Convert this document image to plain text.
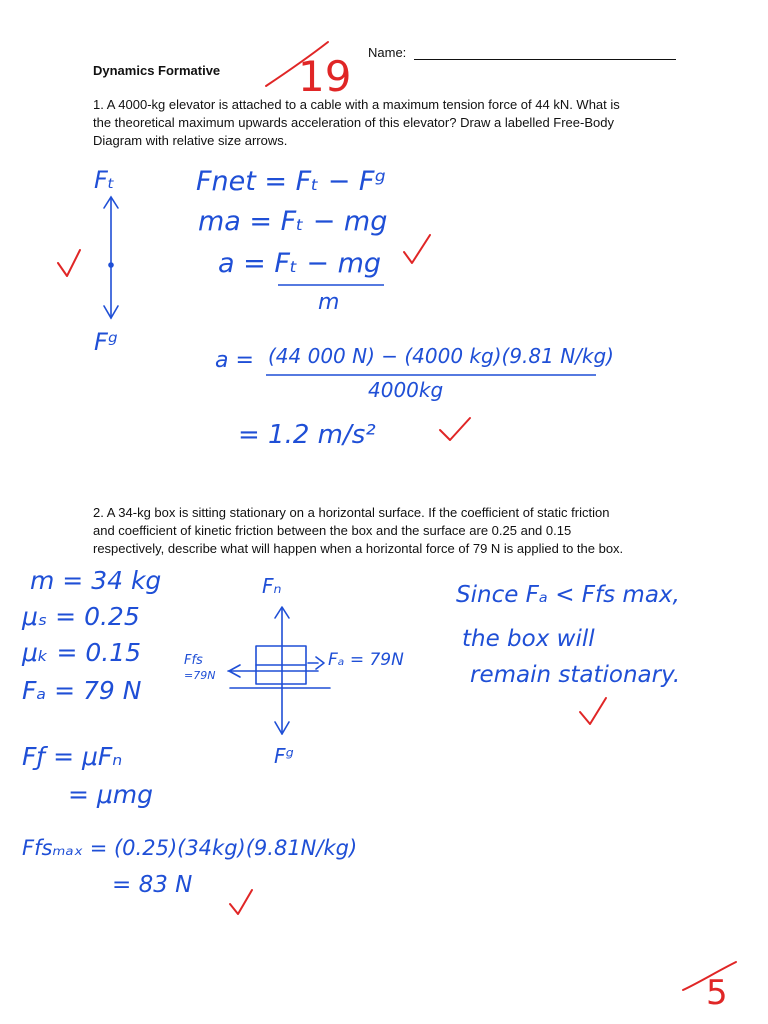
Name:
Dynamics Formative
1. A 4000-kg elevator is attached to a cable with a maximum tension force of 44 kN. What is
the theoretical maximum upwards acceleration of this elevator? Draw a labelled Free-Body
Diagram with relative size arrows.
2. A 34-kg box is sitting stationary on a horizontal surface. If the coefficient of static friction
and coefficient of kinetic friction between the box and the surface are 0.25 and 0.15
respectively, describe what will happen when a horizontal force of 79 N is applied to the box.
19
Fₜ
Fᵍ
Fnet = Fₜ − Fᵍ
ma = Fₜ − mg
a = Fₜ − mg
m
a = (44 000 N) − (4000 kg)(9.81 N/kg)
4000kg
= 1.2 m/s²
m = 34 kg
μₛ = 0.25
μₖ = 0.15
Fₐ = 79 N
Fƒ = μFₙ
= μmg
Ffsₘₐₓ = (0.25)(34kg)(9.81N/kg)
= 83 N
Fₙ
Fᵍ
Ffs
=79N
Fₐ = 79N
Since Fₐ < Ffs max,
the box will
remain stationary.
5
